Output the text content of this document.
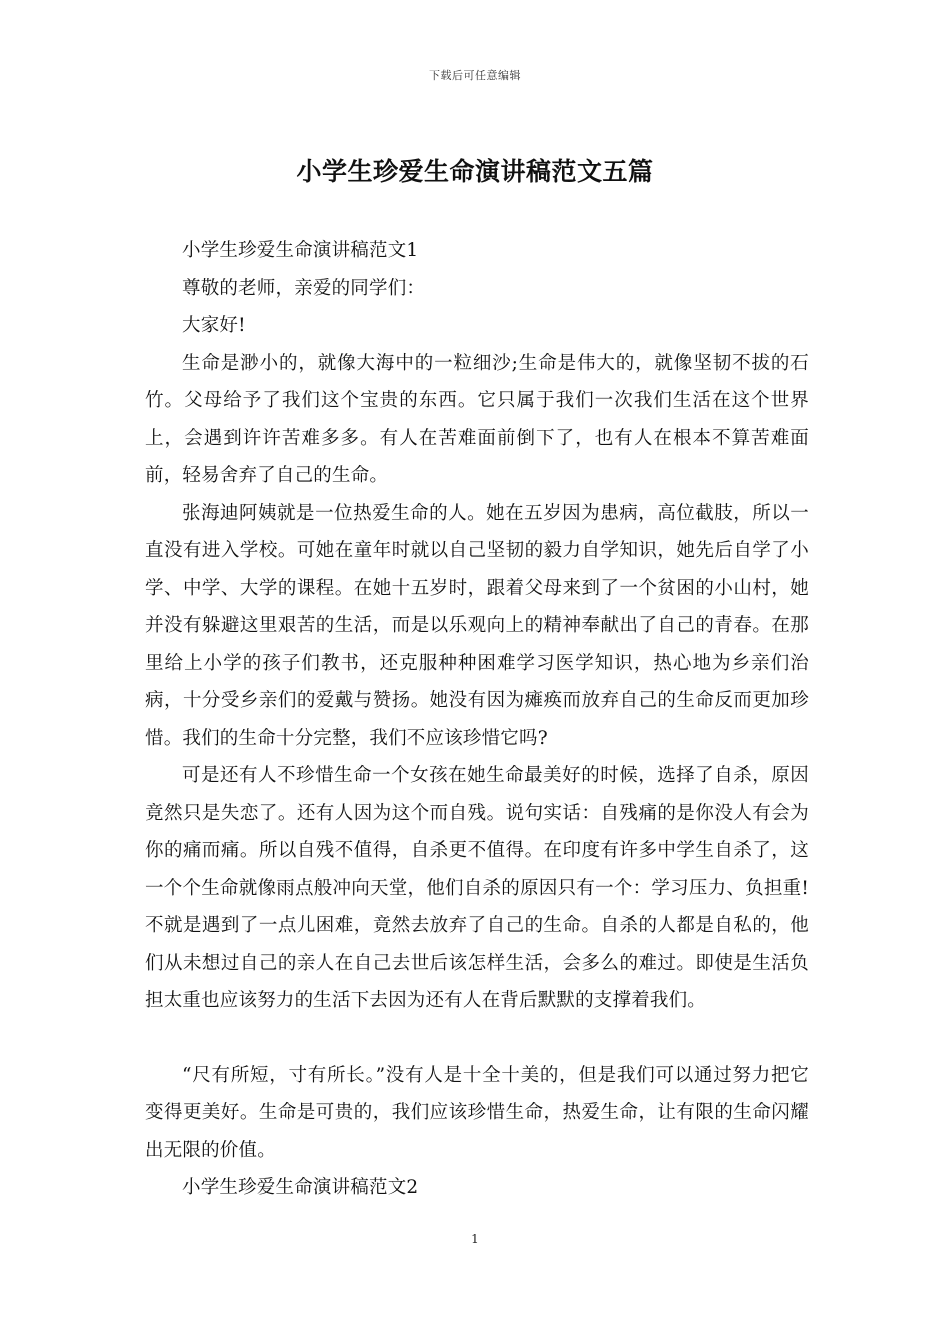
下载后可任意编辑
小学生珍爱生命演讲稿范文五篇

小学生珍爱生命演讲稿范文1

尊敬的老师，亲爱的同学们：

大家好!

生命是渺小的，就像大海中的一粒细沙;生命是伟大的，就像坚韧不拔的石竹。父母给予了我们这个宝贵的东西。它只属于我们一次我们生活在这个世界上，会遇到许许苦难多多。有人在苦难面前倒下了，也有人在根本不算苦难面前，轻易舍弃了自己的生命。

张海迪阿姨就是一位热爱生命的人。她在五岁因为患病，高位截肢，所以一直没有进入学校。可她在童年时就以自己坚韧的毅力自学知识，她先后自学了小学、中学、大学的课程。在她十五岁时，跟着父母来到了一个贫困的小山村，她并没有躲避这里艰苦的生活，而是以乐观向上的精神奉献出了自己的青春。在那里给上小学的孩子们教书，还克服种种困难学习医学知识，热心地为乡亲们治病，十分受乡亲们的爱戴与赞扬。她没有因为瘫痪而放弃自己的生命反而更加珍惜。我们的生命十分完整，我们不应该珍惜它吗?

可是还有人不珍惜生命一个女孩在她生命最美好的时候，选择了自杀，原因竟然只是失恋了。还有人因为这个而自残。说句实话：自残痛的是你没人有会为你的痛而痛。所以自残不值得，自杀更不值得。在印度有许多中学生自杀了，这一个个生命就像雨点般冲向天堂，他们自杀的原因只有一个：学习压力、负担重!不就是遇到了一点儿困难，竟然去放弃了自己的生命。自杀的人都是自私的，他们从未想过自己的亲人在自己去世后该怎样生活，会多么的难过。即使是生活负担太重也应该努力的生活下去因为还有人在背后默默的支撑着我们。

“尺有所短，寸有所长。”没有人是十全十美的，但是我们可以通过努力把它变得更美好。生命是可贵的，我们应该珍惜生命，热爱生命，让有限的生命闪耀出无限的价值。

小学生珍爱生命演讲稿范文2

1
